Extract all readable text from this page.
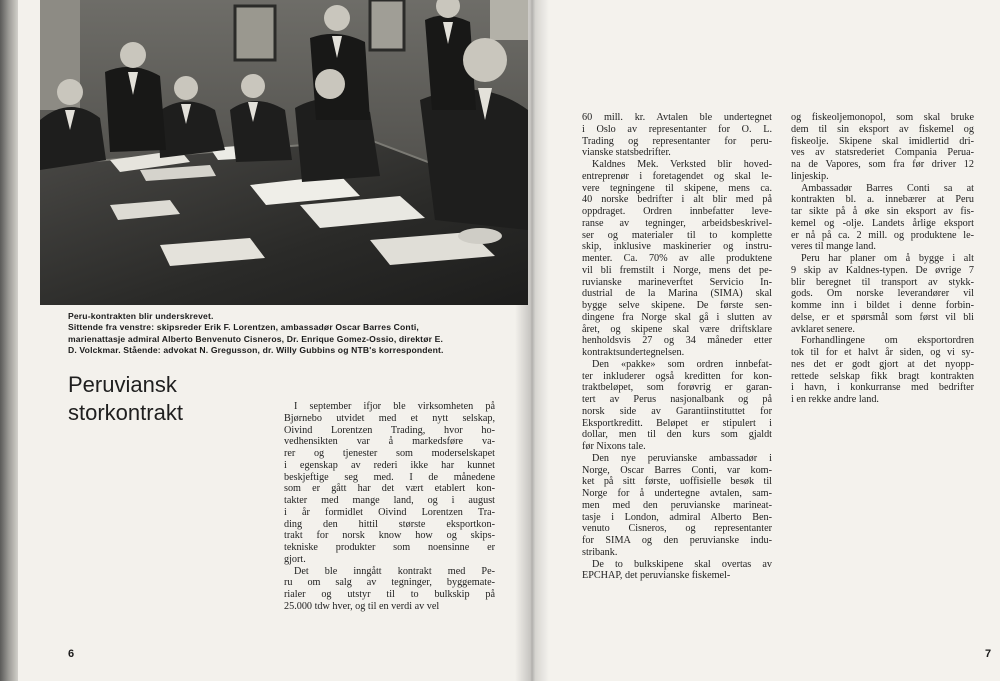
Peru-kontrakten blir underskrevet.
Sittende fra venstre: skipsreder Erik F. Lorentzen, ambassadør Oscar Barres Conti,
marienattasje admiral Alberto Benvenuto Cisneros, Dr. Enrique Gomez-Ossio, direktør E.
D. Volckmar. Stående: advokat N. Gregusson, dr. Willy Gubbins og NTB's korrespondent.
Peruviansk
storkontrakt	I september ifjor ble virksomheten på
Bjørnebo utvidet med et nytt selskap,
Oivind Lorentzen Trading, hvor ho-
vedhensikten var å markedsføre va-
rer og tjenester som moderselskapet
i egenskap av rederi ikke har kunnet
beskjeftige seg med. I de månedene
som er gått har det vært etablert kon-
takter med mange land, og i august
i år formidlet Oivind Lorentzen Tra-
ding den hittil største eksportkon-
trakt for norsk know how og skips-
tekniske produkter som noensinne er
gjort.
Det ble inngått kontrakt med Pe-
ru om salg av tegninger, byggemate-
rialer og utstyr til to bulkskip på
25.000 tdw hver, og til en verdi av vel
60 mill. kr. Avtalen ble undertegnet
i Oslo av representanter for O. L.
Trading og representanter for peru-
vianske statsbedrifter.
Kaldnes Mek. Verksted blir hoved-
entreprenør i foretagendet og skal le-
vere tegningene til skipene, mens ca.
40 norske bedrifter i alt blir med på
oppdraget. Ordren innbefatter leve-
ranse av tegninger, arbeidsbeskrivel-
ser og materialer til to komplette
skip, inklusive maskinerier og instru-
menter. Ca. 70% av alle produktene
vil bli fremstilt i Norge, mens det pe-
ruvianske marineverftet Servicio In-
dustrial de la Marina (SIMA) skal
bygge selve skipene. De første sen-
dingene fra Norge skal gå i slutten av
året, og skipene skal være driftsklare
henholdsvis 27 og 34 måneder etter
kontraktsundertegnelsen.
Den «pakke» som ordren innbefat-
ter inkluderer også kreditten for kon-
traktbeløpet, som forøvrig er garan-
tert av Perus nasjonalbank og på
norsk side av Garantiinstituttet for
Eksportkreditt. Beløpet er stipulert i
dollar, men til den kurs som gjaldt
før Nixons tale.
Den nye peruvianske ambassadør i
Norge, Oscar Barres Conti, var kom-
ket på sitt første, uoffisielle besøk til
Norge for å undertegne avtalen, sam-
men med den peruvianske marineat-
tasje i London, admiral Alberto Ben-
venuto Cisneros, og representanter
for SIMA og den peruvianske indu-
stribank.
De to bulkskipene skal overtas av
EPCHAP, det peruvianske fiskemel-
og fiskeoljemonopol, som skal bruke
dem til sin eksport av fiskemel og
fiskeolje. Skipene skal imidlertid dri-
ves av statsrederiet Compania Perua-
na de Vapores, som fra før driver 12
linjeskip.
Ambassadør Barres Conti sa at
kontrakten bl. a. innebærer at Peru
tar sikte på å øke sin eksport av fis-
kemel og -olje. Landets årlige eksport
er nå på ca. 2 mill. og produktene le-
veres til mange land.
Peru har planer om å bygge i alt
9 skip av Kaldnes-typen. De øvrige 7
blir beregnet til transport av stykk-
gods. Om norske leverandører vil
komme inn i bildet i denne forbin-
delse, er et spørsmål som først vil bli
avklaret senere.
Forhandlingene om eksportordren
tok til for et halvt år siden, og vi sy-
nes det er godt gjort at det nyopp-
rettede selskap fikk bragt kontrakten
i havn, i konkurranse med bedrifter
i en rekke andre land.
6	7
